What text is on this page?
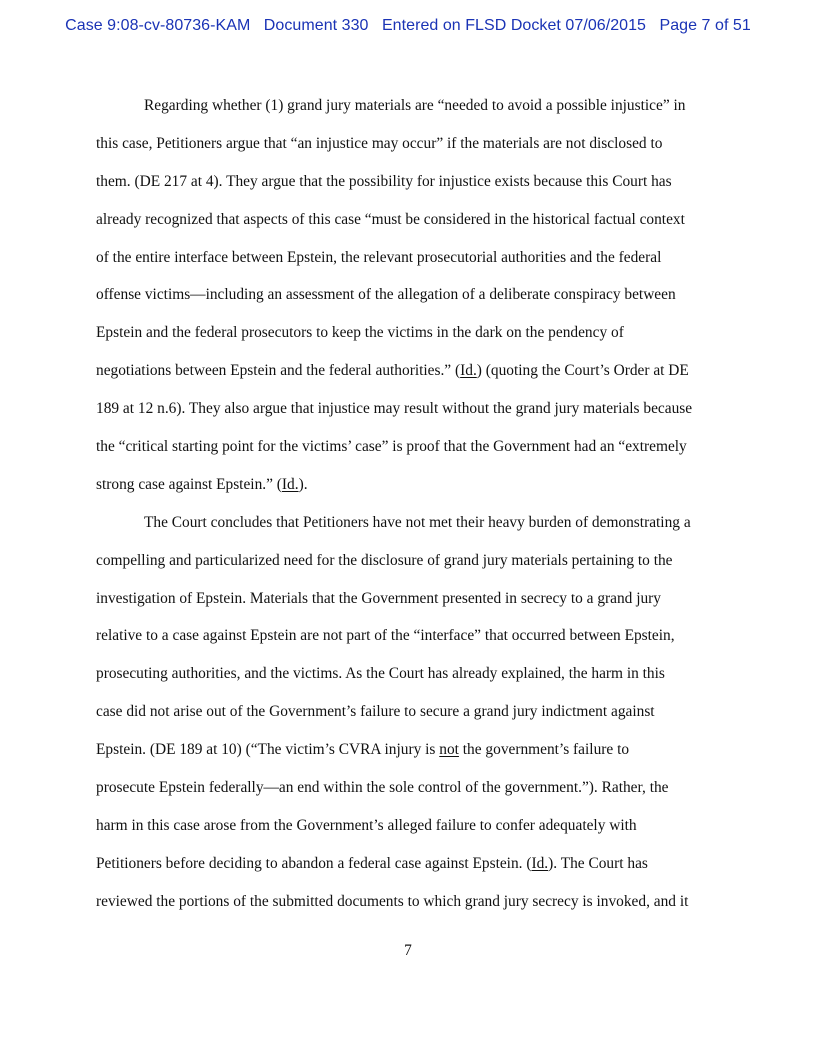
Case 9:08-cv-80736-KAM   Document 330   Entered on FLSD Docket 07/06/2015   Page 7 of 51
Regarding whether (1) grand jury materials are “needed to avoid a possible injustice” in
this case, Petitioners argue that “an injustice may occur” if the materials are not disclosed to
them. (DE 217 at 4). They argue that the possibility for injustice exists because this Court has
already recognized that aspects of this case “must be considered in the historical factual context
of the entire interface between Epstein, the relevant prosecutorial authorities and the federal
offense victims—including an assessment of the allegation of a deliberate conspiracy between
Epstein and the federal prosecutors to keep the victims in the dark on the pendency of
negotiations between Epstein and the federal authorities.” (Id.) (quoting the Court’s Order at DE
189 at 12 n.6). They also argue that injustice may result without the grand jury materials because
the “critical starting point for the victims’ case” is proof that the Government had an “extremely
strong case against Epstein.” (Id.).
The Court concludes that Petitioners have not met their heavy burden of demonstrating a
compelling and particularized need for the disclosure of grand jury materials pertaining to the
investigation of Epstein. Materials that the Government presented in secrecy to a grand jury
relative to a case against Epstein are not part of the “interface” that occurred between Epstein,
prosecuting authorities, and the victims. As the Court has already explained, the harm in this
case did not arise out of the Government’s failure to secure a grand jury indictment against
Epstein. (DE 189 at 10) (“The victim’s CVRA injury is not the government’s failure to
prosecute Epstein federally—an end within the sole control of the government.”). Rather, the
harm in this case arose from the Government’s alleged failure to confer adequately with
Petitioners before deciding to abandon a federal case against Epstein. (Id.). The Court has
reviewed the portions of the submitted documents to which grand jury secrecy is invoked, and it
7
